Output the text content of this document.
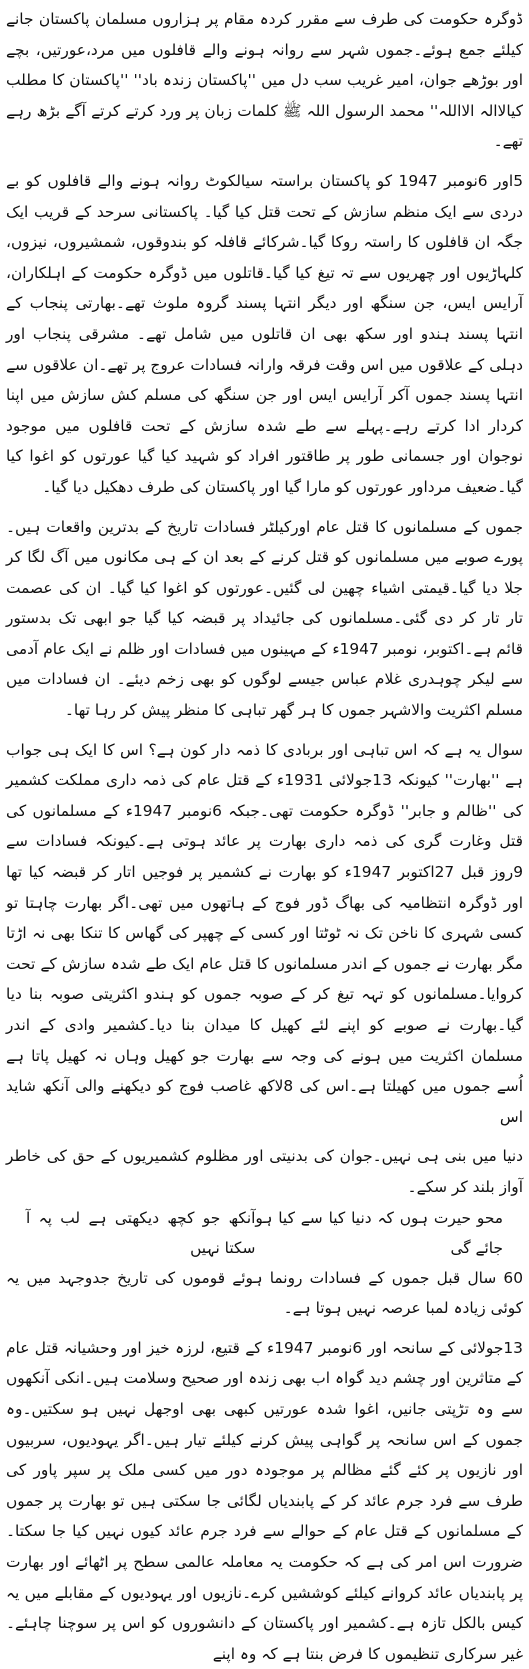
ڈوگرہ حکومت کی طرف سے مقرر کردہ مقام پر ہزاروں مسلمان پاکستان جانے کیلئے جمع ہوئے۔جموں شہر سے روانہ ہونے والے قافلوں میں مرد،عورتیں، بچے اور بوڑھے جوان، امیر غریب سب دل میں ''پاکستان زندہ باد'' ''پاکستان کا مطلب کیالاالہ الااللہ'' محمد الرسول اللہ ﷺ کلمات زبان پر ورد کرتے کرتے آگے بڑھ رہے تھے۔

5اور 6نومبر 1947 کو پاکستان براستہ سیالکوٹ روانہ ہونے والے قافلوں کو بے دردی سے ایک منظم سازش کے تحت قتل کیا گیا۔ پاکستانی سرحد کے قریب ایک جگہ ان قافلوں کا راستہ روکا گیا۔شرکائے قافلہ کو بندوقوں، شمشیروں، نیزوں، کلہاڑیوں اور چھریوں سے تہ تیغ کیا گیا۔قاتلوں میں ڈوگرہ حکومت کے اہلکاران، آرایس ایس، جن سنگھ اور دیگر انتہا پسند گروہ ملوث تھے۔بھارتی پنجاب کے انتہا پسند ہندو اور سکھ بھی ان قاتلوں میں شامل تھے۔ مشرقی پنجاب اور دہلی کے علاقوں میں اس وقت فرقہ وارانہ فسادات عروج پر تھے۔ان علاقوں سے انتہا پسند جموں آکر آرایس ایس اور جن سنگھ کی مسلم کش سازش میں اپنا کردار ادا کرتے رہے۔پہلے سے طے شدہ سازش کے تحت قافلوں میں موجود نوجوان اور جسمانی طور پر طاقتور افراد کو شہید کیا گیا عورتوں کو اغوا کیا گیا۔ضعیف مرداور عورتوں کو مارا گیا اور پاکستان کی طرف دھکیل دیا گیا۔

جموں کے مسلمانوں کا قتل عام اورکیلٹر فسادات تاریخ کے بدترین واقعات ہیں۔پورے صوبے میں مسلمانوں کو قتل کرنے کے بعد ان کے ہی مکانوں میں آگ لگا کر جلا دیا گیا۔قیمتی اشیاء چھین لی گئیں۔عورتوں کو اغوا کیا گیا۔ ان کی عصمت تار تار کر دی گئی۔مسلمانوں کی جائیداد پر قبضہ کیا گیا جو ابھی تک بدستور قائم ہے۔اکتوبر، نومبر 1947ء کے مہینوں میں فسادات اور ظلم نے ایک عام آدمی سے لیکر چوہدری غلام عباس جیسے لوگوں کو بھی زخم دیئے۔ ان فسادات میں مسلم اکثریت والاشہر جموں کا ہر گھر تباہی کا منظر پیش کر رہا تھا۔

سوال یہ ہے کہ اس تباہی اور بربادی کا ذمہ دار کون ہے؟ اس کا ایک ہی جواب ہے ''بھارت'' کیونکہ 13جولائی 1931ء کے قتل عام کی ذمہ داری مملکت کشمیر کی ''ظالم و جابر'' ڈوگرہ حکومت تھی۔جبکہ 6نومبر 1947ء کے مسلمانوں کی قتل وغارت گری کی ذمہ داری بھارت پر عائد ہوتی ہے۔کیونکہ فسادات سے 9روز قبل 27اکتوبر 1947ء کو بھارت نے کشمیر پر فوجیں اتار کر قبضہ کیا تھا اور ڈوگرہ انتظامیہ کی بھاگ ڈور فوج کے ہاتھوں میں تھی۔اگر بھارت چاہتا تو کسی شہری کا ناخن تک نہ ٹوٹتا اور کسی کے چھپر کی گھاس کا تنکا بھی نہ اڑتا مگر بھارت نے جموں کے اندر مسلمانوں کا قتل عام ایک طے شدہ سازش کے تحت کروایا۔مسلمانوں کو تہہ تیغ کر کے صوبہ جموں کو ہندو اکثریتی صوبہ بنا دیا گیا۔بھارت نے صوبے کو اپنے لئے کھیل کا میدان بنا دیا۔کشمیر وادی کے اندر مسلمان اکثریت میں ہونے کی وجہ سے بھارت جو کھیل وہاں نہ کھیل پاتا ہے اُسے جموں میں کھیلتا ہے۔اس کی 8لاکھ غاصب فوج کو دیکھنے والی آنکھ شاید اس

دنیا میں بنی ہی نہیں۔جوان کی بدنیتی اور مظلوم کشمیریوں کے حق کی خاطر آواز بلند کر سکے۔

محو حیرت ہوں کہ دنیا کیا سے کیا ہو جائے گی
آنکھ جو کچھ دیکھتی ہے لب پہ آ سکتا نہیں

60 سال قبل جموں کے فسادات رونما ہوئے قوموں کی تاریخ جدوجہد میں یہ کوئی زیادہ لمبا عرصہ نہیں ہوتا ہے۔

13جولائی کے سانحہ اور 6نومبر 1947ء کے قتیع، لرزہ خیز اور وحشیانہ قتل عام کے متاثرین اور چشم دید گواہ اب بھی زندہ اور صحیح وسلامت ہیں۔انکی آنکھوں سے وہ تڑپتی جانیں، اغوا شدہ عورتیں کبھی بھی اوجھل نہیں ہو سکتیں۔وہ جموں کے اس سانحہ پر گواہی پیش کرنے کیلئے تیار ہیں۔اگر یہودیوں، سربیوں اور نازیوں پر کئے گئے مظالم پر موجودہ دور میں کسی ملک پر سپر پاور کی طرف سے فرد جرم عائد کر کے پابندیاں لگائی جا سکتی ہیں تو بھارت پر جموں کے مسلمانوں کے قتل عام کے حوالے سے فرد جرم عائد کیوں نہیں کیا جا سکتا۔ضرورت اس امر کی ہے کہ حکومت یہ معاملہ عالمی سطح پر اٹھائے اور بھارت پر پابندیاں عائد کروانے کیلئے کوششیں کرے۔نازیوں اور یہودیوں کے مقابلے میں یہ کیس بالکل تازہ ہے۔کشمیر اور پاکستان کے دانشوروں کو اس پر سوچنا چاہئے۔غیر سرکاری تنظیموں کا فرض بنتا ہے کہ وہ اپنے
